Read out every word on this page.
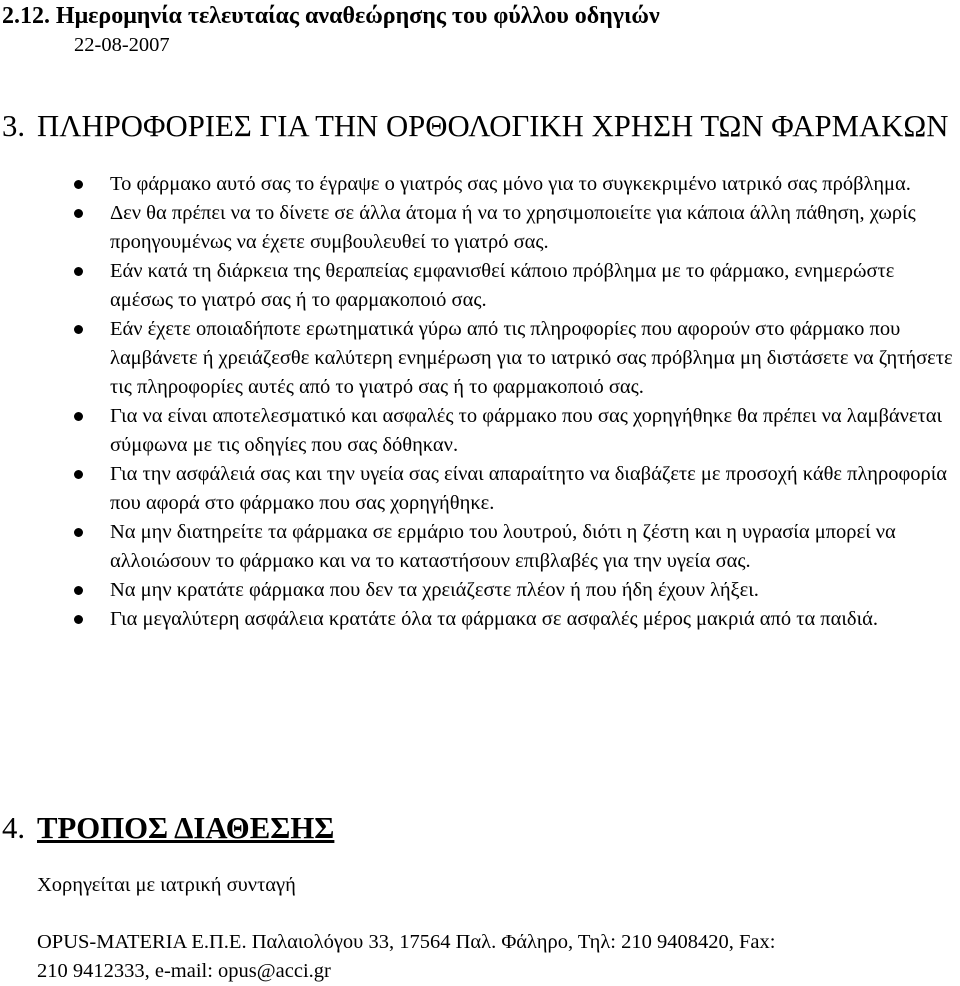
2.12. Ημερομηνία τελευταίας αναθεώρησης του φύλλου οδηγιών
22-08-2007
3. ΠΛΗΡΟΦΟΡΙΕΣ ΓΙΑ ΤΗΝ ΟΡΘΟΛΟΓΙΚΗ ΧΡΗΣΗ ΤΩΝ ΦΑΡΜΑΚΩΝ
Το φάρμακο αυτό σας το έγραψε ο γιατρός σας μόνο για το συγκεκριμένο ιατρικό σας πρόβλημα.
Δεν θα πρέπει να το δίνετε σε άλλα άτομα ή να το χρησιμοποιείτε για κάποια άλλη πάθηση, χωρίς προηγουμένως να έχετε συμβουλευθεί το γιατρό σας.
Εάν κατά τη διάρκεια της θεραπείας εμφανισθεί κάποιο πρόβλημα με το φάρμακο, ενημερώστε αμέσως το γιατρό σας ή το φαρμακοποιό σας.
Εάν έχετε οποιαδήποτε ερωτηματικά γύρω από τις πληροφορίες που αφορούν στο φάρμακο που λαμβάνετε ή χρειάζεσθε καλύτερη ενημέρωση για το ιατρικό σας πρόβλημα μη διστάσετε να ζητήσετε τις πληροφορίες αυτές από το γιατρό σας ή το φαρμακοποιό σας.
Για να είναι αποτελεσματικό και ασφαλές το φάρμακο που σας χορηγήθηκε θα πρέπει να λαμβάνεται σύμφωνα με τις οδηγίες που σας δόθηκαν.
Για την ασφάλειά σας και την υγεία σας είναι απαραίτητο να διαβάζετε με προσοχή κάθε πληροφορία που αφορά στο φάρμακο που σας χορηγήθηκε.
Να μην διατηρείτε τα φάρμακα σε ερμάριο του λουτρού, διότι η ζέστη και η υγρασία μπορεί να αλλοιώσουν το φάρμακο και να το καταστήσουν επιβλαβές για την υγεία σας.
Να μην κρατάτε φάρμακα που δεν τα χρειάζεστε πλέον ή που ήδη έχουν λήξει.
Για μεγαλύτερη ασφάλεια κρατάτε όλα τα φάρμακα σε ασφαλές μέρος μακριά από τα παιδιά.
4. ΤΡΟΠΟΣ ΔΙΑΘΕΣΗΣ
Χορηγείται με ιατρική συνταγή
OPUS-MATERIA Ε.Π.Ε. Παλαιολόγου 33, 17564 Παλ. Φάληρο, Τηλ: 210 9408420, Fax:
210 9412333, e-mail: opus@acci.gr
